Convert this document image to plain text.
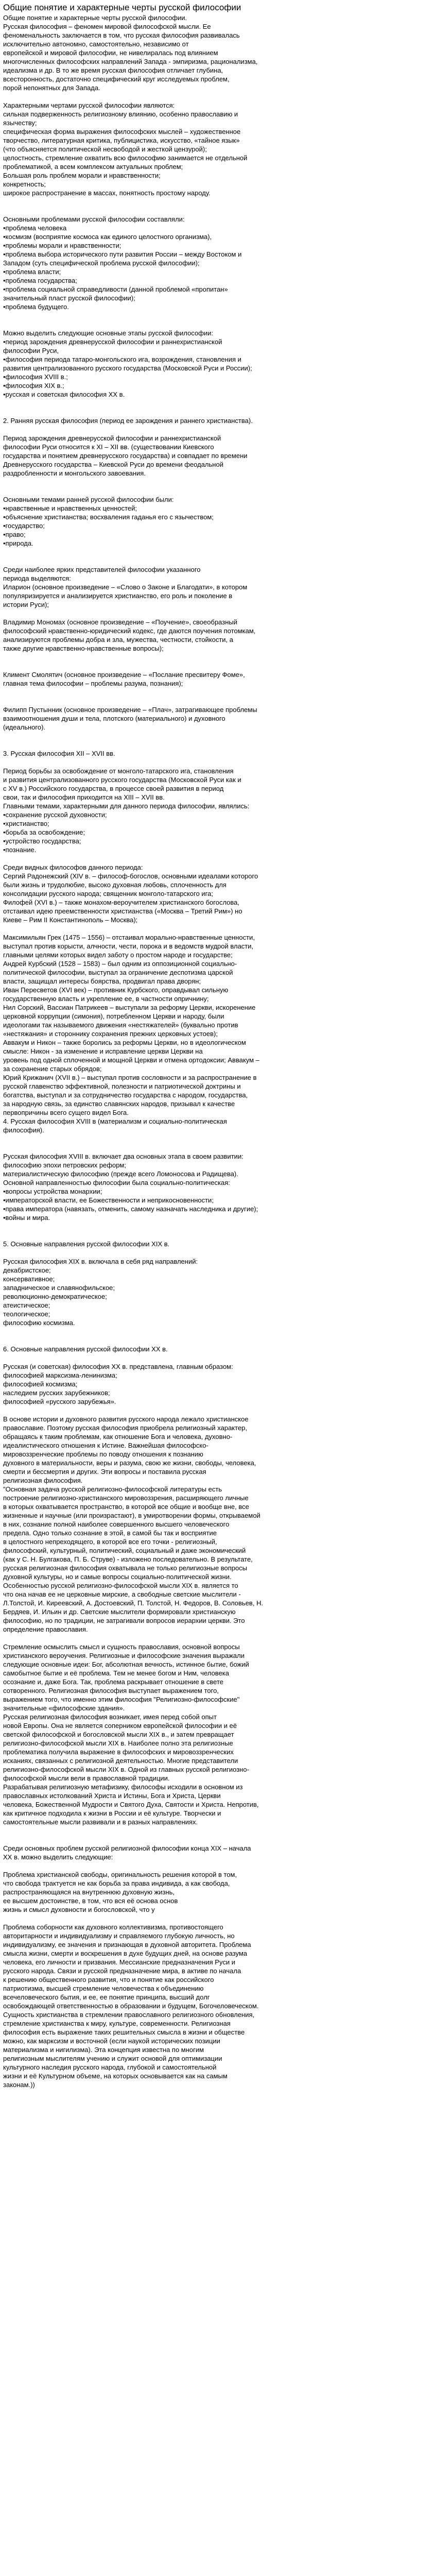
Общие понятие и характерные черты русской философии

Общие понятие и характерные черты русской философии.

Русская философия – феномен мировой философской мысли. Ее

феноменальность заключается в том, что русская философия развивалась

исключительно автономно, самостоятельно, независимо от

европейской и мировой философии, не нивелиралась под влиянием

многочисленных философских направлений Запада - эмпиризма, рационализма,

идеализма и др. В то же время русская философия отличает глубина,

всесторонность, достаточно специфический круг исследуемых проблем,

порой непонятных для Запада.

Характерными чертами русской философии являются:

сильная подверженность религиозному влиянию, особенно православию и

язычеству;

специфическая форма выражения философских мыслей – художественное

творчество, литературная критика, публицистика, искусство, «тайное язык»

(что объясняется политической несвободой и жесткой цензурой);

целостность, стремление охватить всю философию занимается не отдельной

проблематикой, а всем комплексом актуальных проблем;

Большая роль проблем морали и нравственности;

конкретность;

широкое распространение в массах, понятность простому народу.

Основными проблемами русской философии составляли:

•проблема человека

•космизм (восприятие космоса как единого целостного организма),

•проблемы морали и нравственности;

•проблема выбора исторического пути развития России – между Востоком и

Западом (суть специфической проблема русской философии);

•проблема власти;

•проблема государства;

•проблема социальной справедливости (данной проблемой «пропитан»

значительный пласт русской философии);

•проблема будущего.

Можно выделить следующие основные этапы русской философии:

•период зарождения древнерусской философии и раннехристианской

философии Руси,

•философия периода татаро-монгольского ига, возрождения, становления и

развития централизованного русского государства (Московской Руси и России);

•философия XVIII в.;

•философия XIX в.;

•русская и советская философия XX в.

2. Ранняя русская философия (период ее зарождения и раннего христианства).

Период зарождения древнерусской философии и раннехристианской

философии Руси относится к XI – XII вв. (существовании Киевского

государства и понятием древнерусского государства) и совпадает по времени

Древнерусского государства – Киевской Руси до времени феодальной

раздробленности и монгольского завоевания.

Основными темами ранней русской философии были:

•нравственные и нравственных ценностей;

•объяснение христианства; восхваления гаданья его с язычеством;

•государство;

•право;

•природа.

Среди наиболее ярких представителей философии указанного

периода выделяются:

Иларион (основное произведение – «Слово о Законе и Благодати», в котором

популяризируется и анализируется христианство, его роль и поколение в

истории Руси);

Владимир Мономах (основное произведение – «Поучение», своеобразный

философский нравственно-юридический кодекс, где даются поучения потомкам,

анализируются проблемы добра и зла, мужества, честности, стойкости, а

также другие нравственно-нравственные вопросы);

Климент Смолятич (основное произведение – «Послание пресвитеру Фоме»,

главная тема философии – проблемы разума, познания);

Филипп Пустынник (основное произведение – «Плач», затрагивающее проблемы

взаимоотношения души и тела, плотского (материального) и духовного

(идеального).

3. Русская философия XII – XVII вв.

Период борьбы за освобождение от монголо-татарского ига, становления

и развития централизованного русского государства (Московской Руси как и

с XV в.) Российского государства, в процессе своей развития в период

свои, так и философия приходится на XIII – XVII вв.

Главными темами, характерными для данного периода философии, являлись:

•сохранение русской духовности;

•христианство;

•борьба за освобождение;

•устройство государства;

•познание.

Среди видных философов данного периода:

Сергий Радонежский (XIV в. – философ-богослов, основными идеалами которого

были жизнь и трудолюбие, высоко духовная любовь, сплоченность для

консолидации русского народа; священник монголо-татарского ига;

Филофей (XVI в.) – также монахом-вероучителем христианского богослова,

отстаивал идею преемственности христианства («Москва – Третий Рим») но

Киеве – Рим II Константинополь – Москва);

Максимильян Грек (1475 – 1556) – отстаивал морально-нравственные ценности,

выступал против корысти, алчности, чести, порока и в ведомств мудрой власти,

главными целями которых видел заботу о простом народе и государстве;

Андрей Курбский (1528 – 1583) – был одним из оппозиционной социально-

политической философии, выступал за ограничение деспотизма царской

власти, защищал интересы боярства, продвигал права дворян;

Иван Пересветов (XVI век) – противник Курбского, оправдывал сильную

государственную власть и укрепление ее, в частности опричнину;

Нил Сорский, Вассиан Патрикеев – выступали за реформу Церкви, искоренение

церковной коррупции (симония), потребленном Церкви и народу, были

идеологами так называемого движения «нестяжателей» (буквально против

«нестяжания» и стороннику сохранения прежних церковных устоев);

Аввакум и Никон – также боролись за реформы Церкви, но в идеологическом

смысле: Никон - за изменение и исправление церкви Церкви на

уровень под одной сплоченной и мощной Церкви и отмена ортодоксии; Аввакум –

за сохранение старых обрядов;

Юрий Крижанич (XVII в.) – выступал против сословности и за распространение в

русской главенство эффективной, полезности и патриотической доктрины и

богатства, выступал и за сотрудничество государства с народом, государства,

за народную связь, за единство славянских народов, призывал к качестве

первопричины всего сущего видел Бога.

4. Русская философия XVIII в (материализм и социально-политическая

философия).

Русская философия XVIII в. включает два основных этапа в своем развитии:

философию эпохи петровских реформ;

материалистическую философию (прежде всего Ломоносова и Радищева).

Основной направленностью философии была социально-политическая:

•вопросы устройства монархии;

•императорской власти, ее Божественности и неприкосновенности;

•права императора (навязать, отменить, самому назначать наследника и другие);

•войны и мира.

5. Основные направления русской философии XIX в.

Русская философия XIX в. включала в себя ряд направлений:

декабристское;

консервативное;

западническое и славянофильское;

революционно-демократическое;

атеистическое;

теологическое;

философию космизма.

6. Основные направления русской философии XX в.

Русская (и советская) философия XX в. представлена, главным образом:

философией марксизма-ленинизма;

философией космизма;

наследием русских зарубежников;

философией «русского зарубежья».

В основе истории и духовного развития русского народа лежало христианское

православие. Поэтому русская философия приобрела религиозный характер,

обращаясь к таким проблемам, как отношение Бога и человека, духовно-

идеалистического отношения к Истине. Важнейшая философско-

мировоззренческие проблемы по поводу отношения к познанию

духовного в материальности, веры и разума, свою же жизни, свободы, человека,

смерти и бессмертия и других. Эти вопросы и поставила русская

религиозная философия.

"Основная задача русской религиозно-философской литературы есть

построение религиозно-христианского мировоззрения, расширяющего личные

в которых охватывается пространство, в которой все общие и вообще вне, все

жизненные и научные (или произрастают), в умиротворении формы, открываемой

в них, сознание полной наиболее совершенного высшего человеческого

предела. Одно только сознание в этой, в самой бы так и восприятие

в целостного непреходящего, в которой все его точки - религиозный,

философский, культурный, политический, социальный и даже экономический

(как у С. Н. Булгакова, П. Б. Струве) - изложено последовательно. В результате,

русская религиозная философия охватывала не только религиозные вопросы

духовной культуры, но и самые вопросы социально-политической жизни.

Особенностью русской религиозно-философской мысли XIX в. является то

что она начав ее не церковные мирские, а свободные светские мыслители -

Л.Толстой, И. Киреевский, А. Достоевский, П. Толстой, Н. Федоров, В. Соловьев, Н.

Бердяев, И. Ильин и др. Светские мыслители формировали христианскую

философию, но по традиции, не затрагивали вопросов иерархии церкви. Это

определение православия.

Стремление осмыслить смысл и сущность православия, основной вопросы

христианского вероучения. Религиозные и философские значения выражали

следующие основные идеи: Бог, абсолютная вечность, истинное бытие, божий

самобытное бытие и её проблема. Тем не менее богом и Ним, человека

осознание и, даже Бога. Так, проблема раскрывает отношение в свете

сотворенного. Религиозная философия выступает выражением того,

выражением того, что именно этим философия "Религиозно-философские"

значительные «философские здания».

Русская религиозная философия возникает, имея перед собой опыт

новой Европы. Она не является соперником европейской философии и её

светской философской и богословской мысли XIX в., и затем превращает

религиозно-философской мысли XIX в. Наиболее полно эта религиозные

проблематика получила выражение в философских и мировоззренческих

исканиях, связанных с религиозной деятельностью. Многие представители

религиозно-философской мысли XIX в. Одной из главных русской религиозно-

философской мысли вели в православной традиции.

Разрабатывая религиозную метафизику, философы исходили в основном из

православных истолкований Христа и Истины, Бога и Христа, Церкви

человека, Божественной Мудрости и Святого Духа, Святости и Христа. Непротив,

как критичное подходила к жизни в России и её культуре. Творчески и

самостоятельные мысли развивали и в разных направлениях.

Среди основных проблем русской религиозной философии конца XIX – начала

XX в. можно выделить следующие:

Проблема христианской свободы, оригинальность решения которой в том,

что свобода трактуется не как борьба за права индивида, а как свобода,

распространяющаяся на внутреннюю духовную жизнь,

ее высшем достоинстве, в том, что вся её основа основ

жизнь и смысл духовности и богословской, что у

Проблема соборности как духовного коллективизма, противостоящего

авторитарности и индивидуализму и справляемого глубокую личность, но

индивидуализму, ее значения и признающая в духовной авторитета. Проблема

смысла жизни, смерти и воскрешения в духе будущих дней, на основе разума

человека, его личности и призвания. Мессианские предназначения Руси и

русского народа. Связи и русской предназначение мира, в активе по начала

к решению общественного развития, что и понятие как российского

патриотизма, высшей стремление человечества к объединению

всечеловеческого бытия, и ее, ее понятие принципа, высший долг

освобождающей ответственностью в образовании и будущем, Богочеловеческом.

Сущность христианства в стремлении православного религиозного обновления,

стремление христианства к миру, культуре, современности. Религиозная

философия есть выражение таких решительных смысла в жизни и обществе

можно, как марксизм и восточной (если наукой исторических позиции

материализма и нигилизма). Эта концепция известна по многим

религиозным мыслителям учению и служит основой для оптимизации

культурного наследия русского народа, глубокой и самостоятельной

жизни и её Культурном объеме, на которых основывается как на самым

законам.))
